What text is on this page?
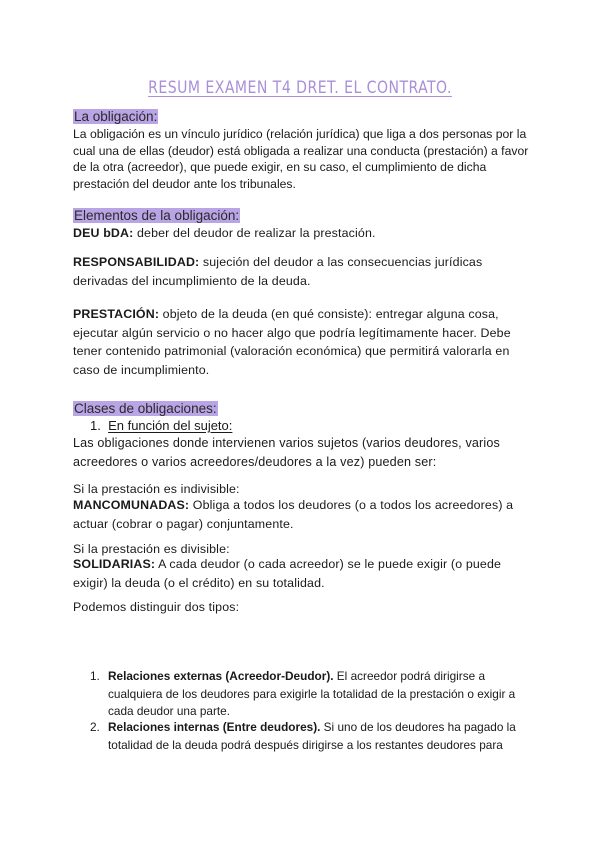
RESUM EXAMEN T4 DRET. EL CONTRATO.
La obligación:
La obligación es un vínculo jurídico (relación jurídica) que liga a dos personas por la cual una de ellas (deudor) está obligada a realizar una conducta (prestación) a favor de la otra (acreedor), que puede exigir, en su caso, el cumplimiento de dicha prestación del deudor ante los tribunales.
Elementos de la obligación:
DEU bDA: deber del deudor de realizar la prestación.
RESPONSABILIDAD: sujeción del deudor a las consecuencias jurídicas derivadas del incumplimiento de la deuda.
PRESTACIÓN: objeto de la deuda (en qué consiste): entregar alguna cosa, ejecutar algún servicio o no hacer algo que podría legítimamente hacer. Debe tener contenido patrimonial (valoración económica) que permitirá valorarla en caso de incumplimiento.
Clases de obligaciones:
1. En función del sujeto:
Las obligaciones donde intervienen varios sujetos (varios deudores, varios acreedores o varios acreedores/deudores a la vez) pueden ser:
Si la prestación es indivisible:
MANCOMUNADAS: Obliga a todos los deudores (o a todos los acreedores) a actuar (cobrar o pagar) conjuntamente.
Si la prestación es divisible:
SOLIDARIAS: A cada deudor (o cada acreedor) se le puede exigir (o puede exigir) la deuda (o el crédito) en su totalidad.
Podemos distinguir dos tipos:
1. Relaciones externas (Acreedor-Deudor). El acreedor podrá dirigirse a cualquiera de los deudores para exigirle la totalidad de la prestación o exigir a cada deudor una parte.
2. Relaciones internas (Entre deudores). Si uno de los deudores ha pagado la totalidad de la deuda podrá después dirigirse a los restantes deudores para
